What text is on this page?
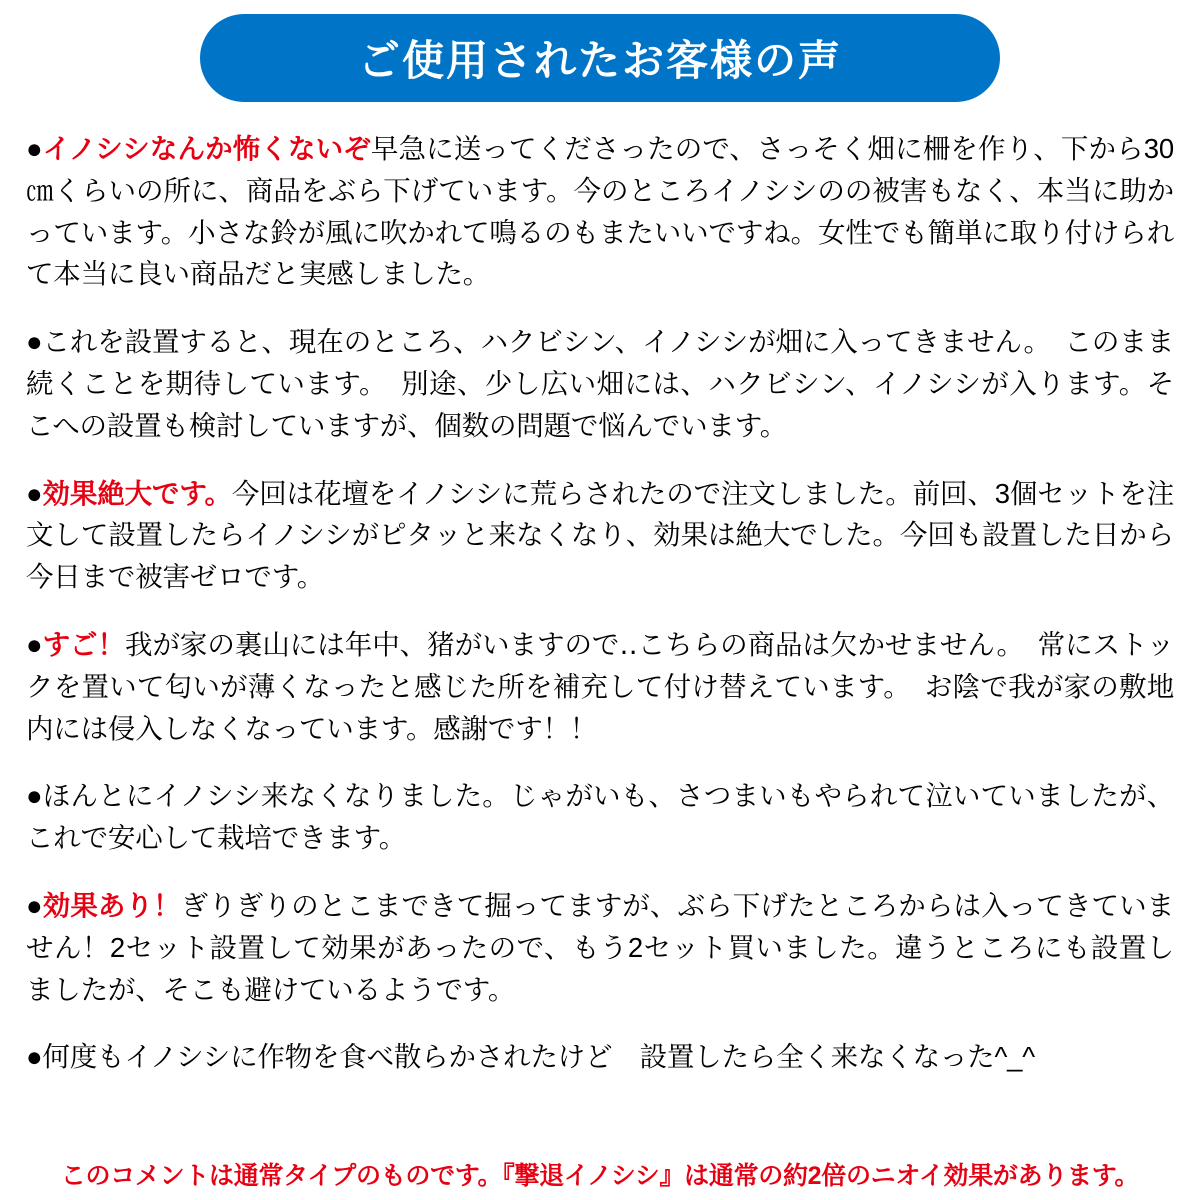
ご使用されたお客様の声

●イノシシなんか怖くないぞ早急に送ってくださったので、さっそく畑に柵を作り、下から30㎝くらいの所に、商品をぶら下げています。今のところイノシシのの被害もなく、本当に助かっています。小さな鈴が風に吹かれて鳴るのもまたいいですね。女性でも簡単に取り付けられて本当に良い商品だと実感しました。

●これを設置すると、現在のところ、ハクビシン、イノシシが畑に入ってきません。　このまま続くことを期待しています。　別途、少し広い畑には、ハクビシン、イノシシが入ります。そこへの設置も検討していますが、個数の問題で悩んでいます。

●効果絶大です。今回は花壇をイノシシに荒らされたので注文しました。前回、3個セットを注文して設置したらイノシシがピタッと来なくなり、効果は絶大でした。今回も設置した日から今日まで被害ゼロです。

●すご！我が家の裏山には年中、猪がいますので‥こちらの商品は欠かせません。　常にストックを置いて匂いが薄くなったと感じた所を補充して付け替えています。　お陰で我が家の敷地内には侵入しなくなっています。感謝です！！

●ほんとにイノシシ来なくなりました。じゃがいも、さつまいもやられて泣いていましたが、これで安心して栽培できます。

●効果あり！ぎりぎりのとこまできて掘ってますが、ぶら下げたところからは入ってきていません！2セット設置して効果があったので、もう2セット買いました。違うところにも設置しましたが、そこも避けているようです。

●何度もイノシシに作物を食べ散らかされたけど　設置したら全く来なくなった^_^

このコメントは通常タイプのものです。『撃退イノシシ』は通常の約2倍のニオイ効果があります。
